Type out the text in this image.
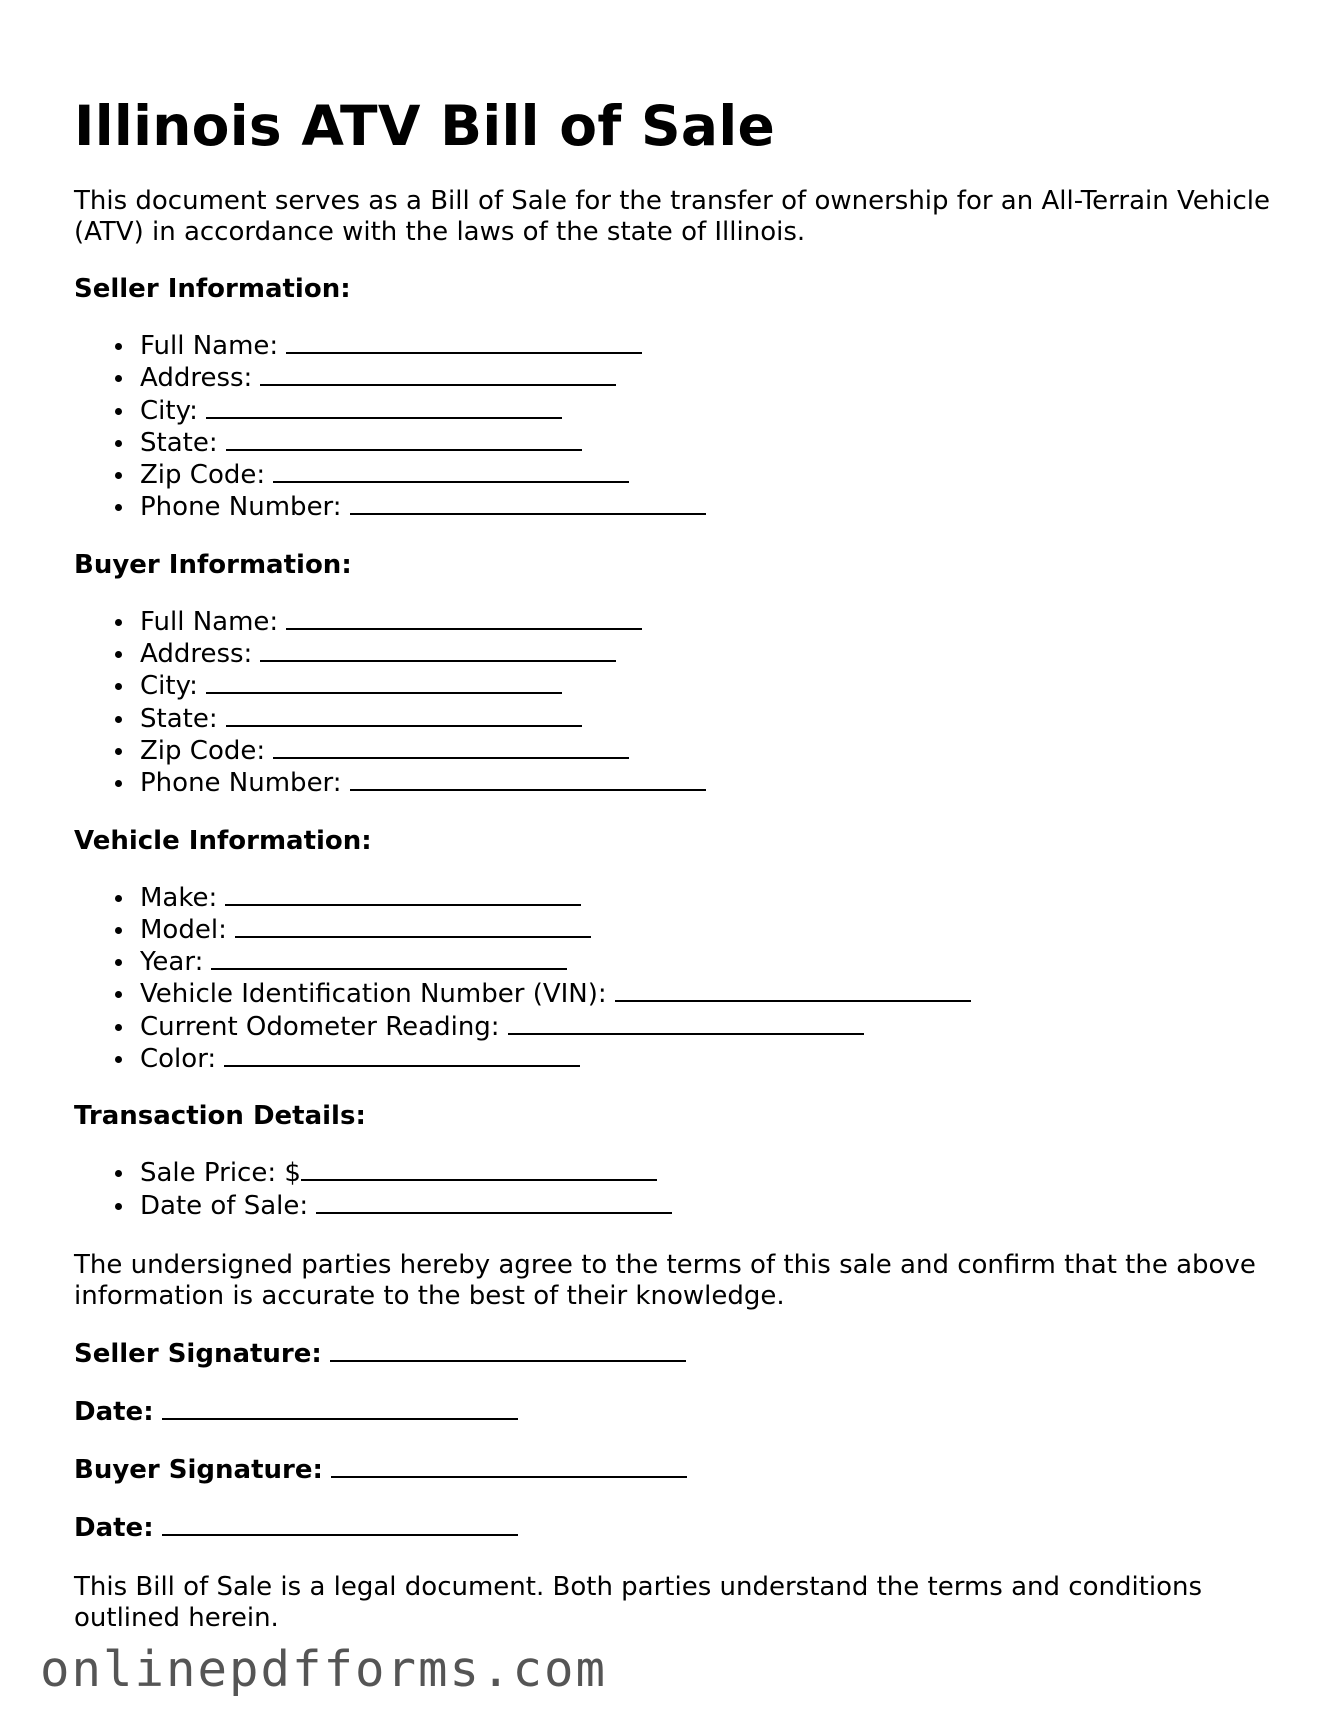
Illinois ATV Bill of Sale

This document serves as a Bill of Sale for the transfer of ownership for an All-Terrain Vehicle (ATV) in accordance with the laws of the state of Illinois.

Seller Information:
Full Name:
Address:
City:
State:
Zip Code:
Phone Number:
Buyer Information:
Full Name:
Address:
City:
State:
Zip Code:
Phone Number:
Vehicle Information:
Make:
Model:
Year:
Vehicle Identification Number (VIN):
Current Odometer Reading:
Color:
Transaction Details:
Sale Price: $
Date of Sale:

The undersigned parties hereby agree to the terms of this sale and confirm that the above information is accurate to the best of their knowledge.

Seller Signature:
Date:
Buyer Signature:
Date:

This Bill of Sale is a legal document. Both parties understand the terms and conditions outlined herein.

onlinepdfforms.com
